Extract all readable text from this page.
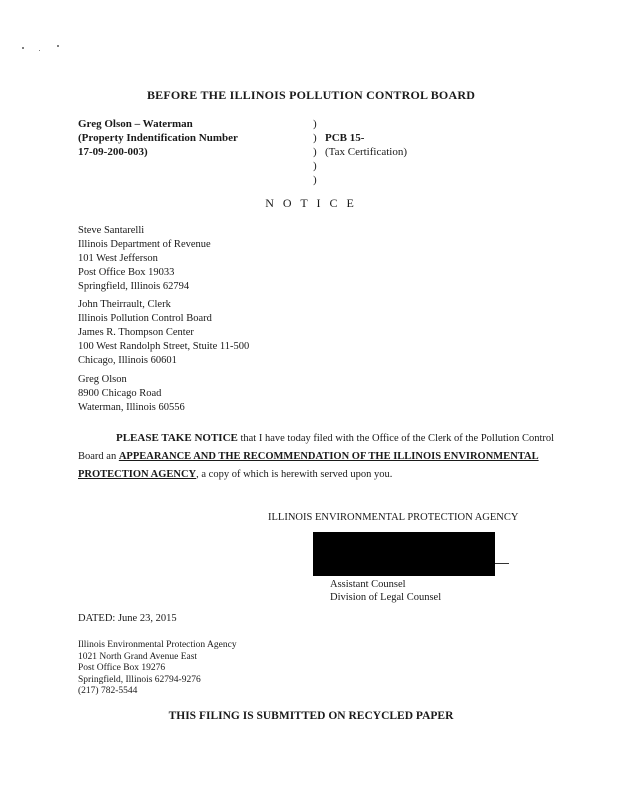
BEFORE THE ILLINOIS POLLUTION CONTROL BOARD
Greg Olson – Waterman
(Property Indentification Number
17-09-200-003)
)
)
)
)
)
PCB 15-
(Tax Certification)
N O T I C E
Steve Santarelli
Illinois Department of Revenue
101 West Jefferson
Post Office Box 19033
Springfield, Illinois 62794
John Theirrault, Clerk
Illinois Pollution Control Board
James R. Thompson Center
100 West Randolph Street, Stuite 11-500
Chicago, Illinois 60601
Greg Olson
8900 Chicago Road
Waterman, Illinois 60556
PLEASE TAKE NOTICE that I have today filed with the Office of the Clerk of the Pollution Control Board an APPEARANCE AND THE RECOMMENDATION OF THE ILLINOIS ENVIRONMENTAL PROTECTION AGENCY, a copy of which is herewith served upon you.
ILLINOIS ENVIRONMENTAL PROTECTION AGENCY
Assistant Counsel
Division of Legal Counsel
DATED: June 23, 2015
Illinois Environmental Protection Agency
1021 North Grand Avenue East
Post Office Box 19276
Springfield, Illinois 62794-9276
(217) 782-5544
THIS FILING IS SUBMITTED ON RECYCLED PAPER
